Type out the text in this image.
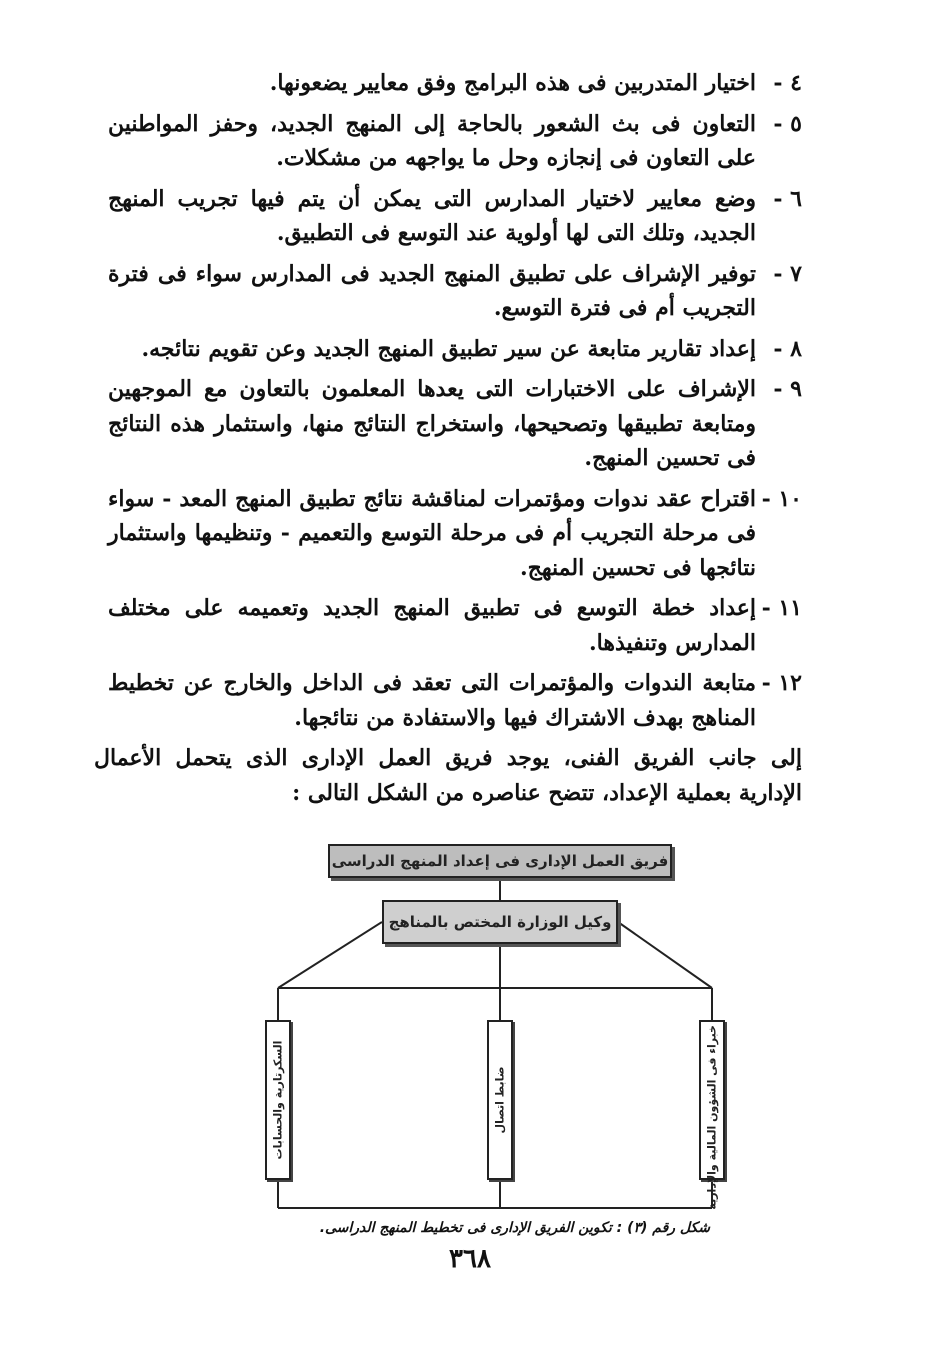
٤ -
اختيار المتدربين فى هذه البرامج وفق معايير يضعونها.
٥ -
التعاون فى بث الشعور بالحاجة إلى المنهج الجديد، وحفز المواطنين على التعاون فى إنجازه وحل ما يواجهه من مشكلات.
٦ -
وضع معايير لاختيار المدارس التى يمكن أن يتم فيها تجريب المنهج الجديد، وتلك التى لها أولوية عند التوسع فى التطبيق.
٧ -
توفير الإشراف على تطبيق المنهج الجديد فى المدارس سواء فى فترة التجريب أم فى فترة التوسع.
٨ -
إعداد تقارير متابعة عن سير تطبيق المنهج الجديد وعن تقويم نتائجه.
٩ -
الإشراف على الاختبارات التى يعدها المعلمون بالتعاون مع الموجهين ومتابعة تطبيقها وتصحيحها، واستخراج النتائج منها، واستثمار هذه النتائج فى تحسين المنهج.
١٠ -
اقتراح عقد ندوات ومؤتمرات لمناقشة نتائج تطبيق المنهج المعد - سواء فى مرحلة التجريب أم فى مرحلة التوسع والتعميم - وتنظيمها واستثمار نتائجها فى تحسين المنهج.
١١ -
إعداد خطة التوسع فى تطبيق المنهج الجديد وتعميمه على مختلف المدارس وتنفيذها.
١٢ -
متابعة الندوات والمؤتمرات التى تعقد فى الداخل والخارج عن تخطيط المناهج بهدف الاشتراك فيها والاستفادة من نتائجها.

إلى جانب الفريق الفنى، يوجد فريق العمل الإدارى الذى يتحمل الأعمال الإدارية بعملية الإعداد، تتضح عناصره من الشكل التالى :

فريق العمل الإدارى فى إعداد المنهج الدراسى
وكيل الوزارة المختص بالمناهج
السكرتارية والحسابات	ضابط اتصال	خبراء فى الشؤون المالية والإدارية
شكل رقم (٣) : تكوين الفريق الإدارى فى تخطيط المنهج الدراسى.
٣٦٨
